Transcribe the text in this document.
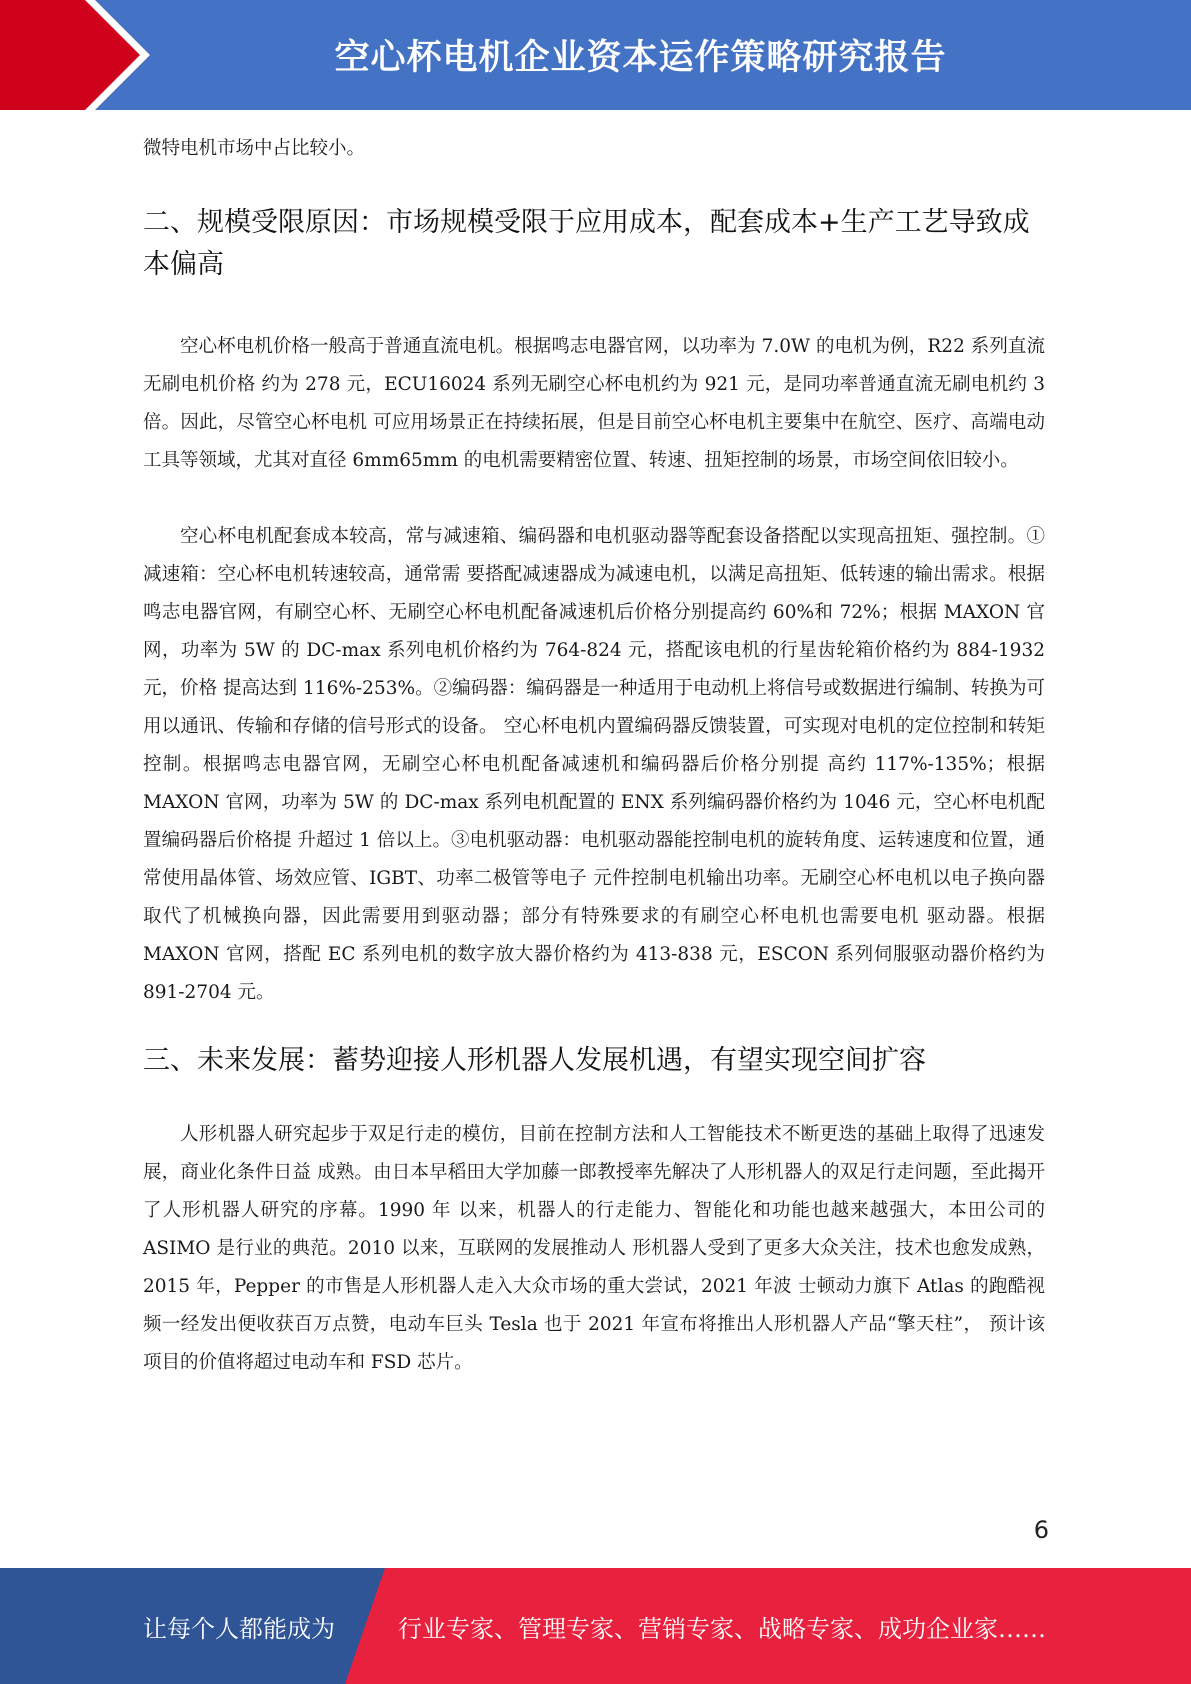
空心杯电机企业资本运作策略研究报告

微特电机市场中占比较小。

二、规模受限原因：市场规模受限于应用成本，配套成本+生产工艺导致成本偏高

空心杯电机价格一般高于普通直流电机。根据鸣志电器官网，以功率为 7.0W 的电机为例，R22 系列直流无刷电机价格 约为 278 元，ECU16024 系列无刷空心杯电机约为 921 元，是同功率普通直流无刷电机约 3 倍。因此，尽管空心杯电机 可应用场景正在持续拓展，但是目前空心杯电机主要集中在航空、医疗、高端电动工具等领域，尤其对直径 6mm65mm 的电机需要精密位置、转速、扭矩控制的场景，市场空间依旧较小。

空心杯电机配套成本较高，常与减速箱、编码器和电机驱动器等配套设备搭配以实现高扭矩、强控制。①减速箱：空心杯电机转速较高，通常需 要搭配减速器成为减速电机，以满足高扭矩、低转速的输出需求。根据鸣志电器官网，有刷空心杯、无刷空心杯电机配备减速机后价格分别提高约 60%和 72%；根据 MAXON 官网，功率为 5W 的 DC-max 系列电机价格约为 764-824 元，搭配该电机的行星齿轮箱价格约为 884-1932 元，价格 提高达到 116%-253%。②编码器：编码器是一种适用于电动机上将信号或数据进行编制、转换为可用以通讯、传输和存储的信号形式的设备。 空心杯电机内置编码器反馈装置，可实现对电机的定位控制和转矩控制。根据鸣志电器官网，无刷空心杯电机配备减速机和编码器后价格分别提 高约 117%-135%；根据 MAXON 官网，功率为 5W 的 DC-max 系列电机配置的 ENX 系列编码器价格约为 1046 元，空心杯电机配置编码器后价格提 升超过 1 倍以上。③电机驱动器：电机驱动器能控制电机的旋转角度、运转速度和位置，通常使用晶体管、场效应管、IGBT、功率二极管等电子 元件控制电机输出功率。无刷空心杯电机以电子换向器取代了机械换向器，因此需要用到驱动器；部分有特殊要求的有刷空心杯电机也需要电机 驱动器。根据 MAXON 官网，搭配 EC 系列电机的数字放大器价格约为 413-838 元，ESCON 系列伺服驱动器价格约为 891-2704 元。

三、未来发展：蓄势迎接人形机器人发展机遇，有望实现空间扩容

人形机器人研究起步于双足行走的模仿，目前在控制方法和人工智能技术不断更迭的基础上取得了迅速发展，商业化条件日益 成熟。由日本早稻田大学加藤一郎教授率先解决了人形机器人的双足行走问题，至此揭开了人形机器人研究的序幕。1990 年 以来，机器人的行走能力、智能化和功能也越来越强大，本田公司的 ASIMO 是行业的典范。2010 以来，互联网的发展推动人 形机器人受到了更多大众关注，技术也愈发成熟，2015 年，Pepper 的市售是人形机器人走入大众市场的重大尝试，2021 年波 士顿动力旗下 Atlas 的跑酷视频一经发出便收获百万点赞，电动车巨头 Tesla 也于 2021 年宣布将推出人形机器人产品“擎天柱”， 预计该项目的价值将超过电动车和 FSD 芯片。

6
让每个人都能成为	行业专家、管理专家、营销专家、战略专家、成功企业家……
